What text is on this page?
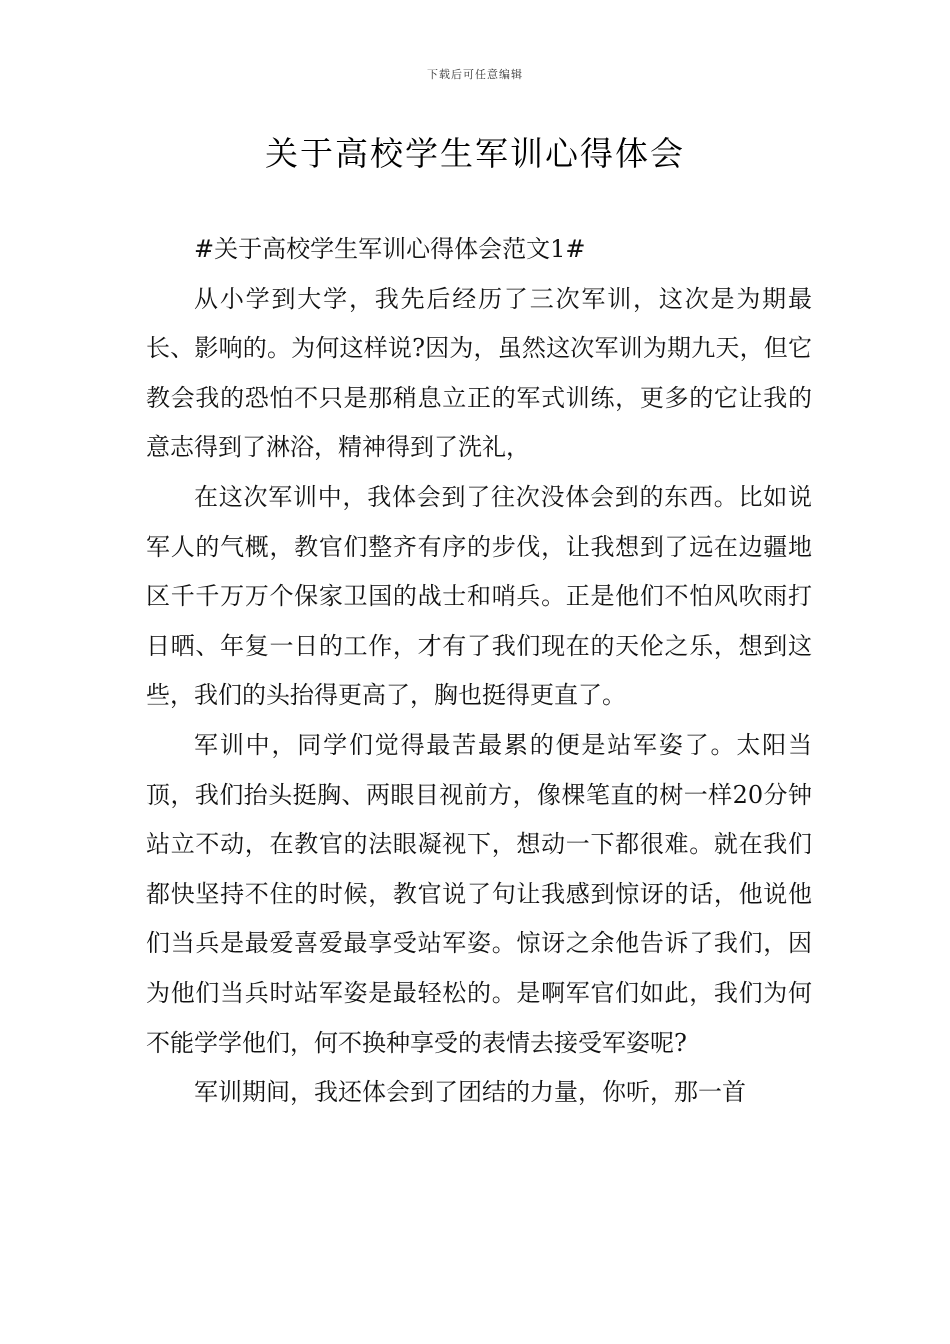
下载后可任意编辑
关于高校学生军训心得体会

#关于高校学生军训心得体会范文1#

从小学到大学，我先后经历了三次军训，这次是为期最长、影响的。为何这样说?因为，虽然这次军训为期九天，但它教会我的恐怕不只是那稍息立正的军式训练，更多的它让我的意志得到了淋浴，精神得到了洗礼，

在这次军训中，我体会到了往次没体会到的东西。比如说军人的气概，教官们整齐有序的步伐，让我想到了远在边疆地区千千万万个保家卫国的战士和哨兵。正是他们不怕风吹雨打日晒、年复一日的工作，才有了我们现在的天伦之乐，想到这些，我们的头抬得更高了，胸也挺得更直了。

军训中，同学们觉得最苦最累的便是站军姿了。太阳当顶，我们抬头挺胸、两眼目视前方，像棵笔直的树一样20分钟站立不动，在教官的法眼凝视下，想动一下都很难。就在我们都快坚持不住的时候，教官说了句让我感到惊讶的话，他说他们当兵是最爱喜爱最享受站军姿。惊讶之余他告诉了我们，因为他们当兵时站军姿是最轻松的。是啊军官们如此，我们为何不能学学他们，何不换种享受的表情去接受军姿呢?

军训期间，我还体会到了团结的力量，你听，那一首
